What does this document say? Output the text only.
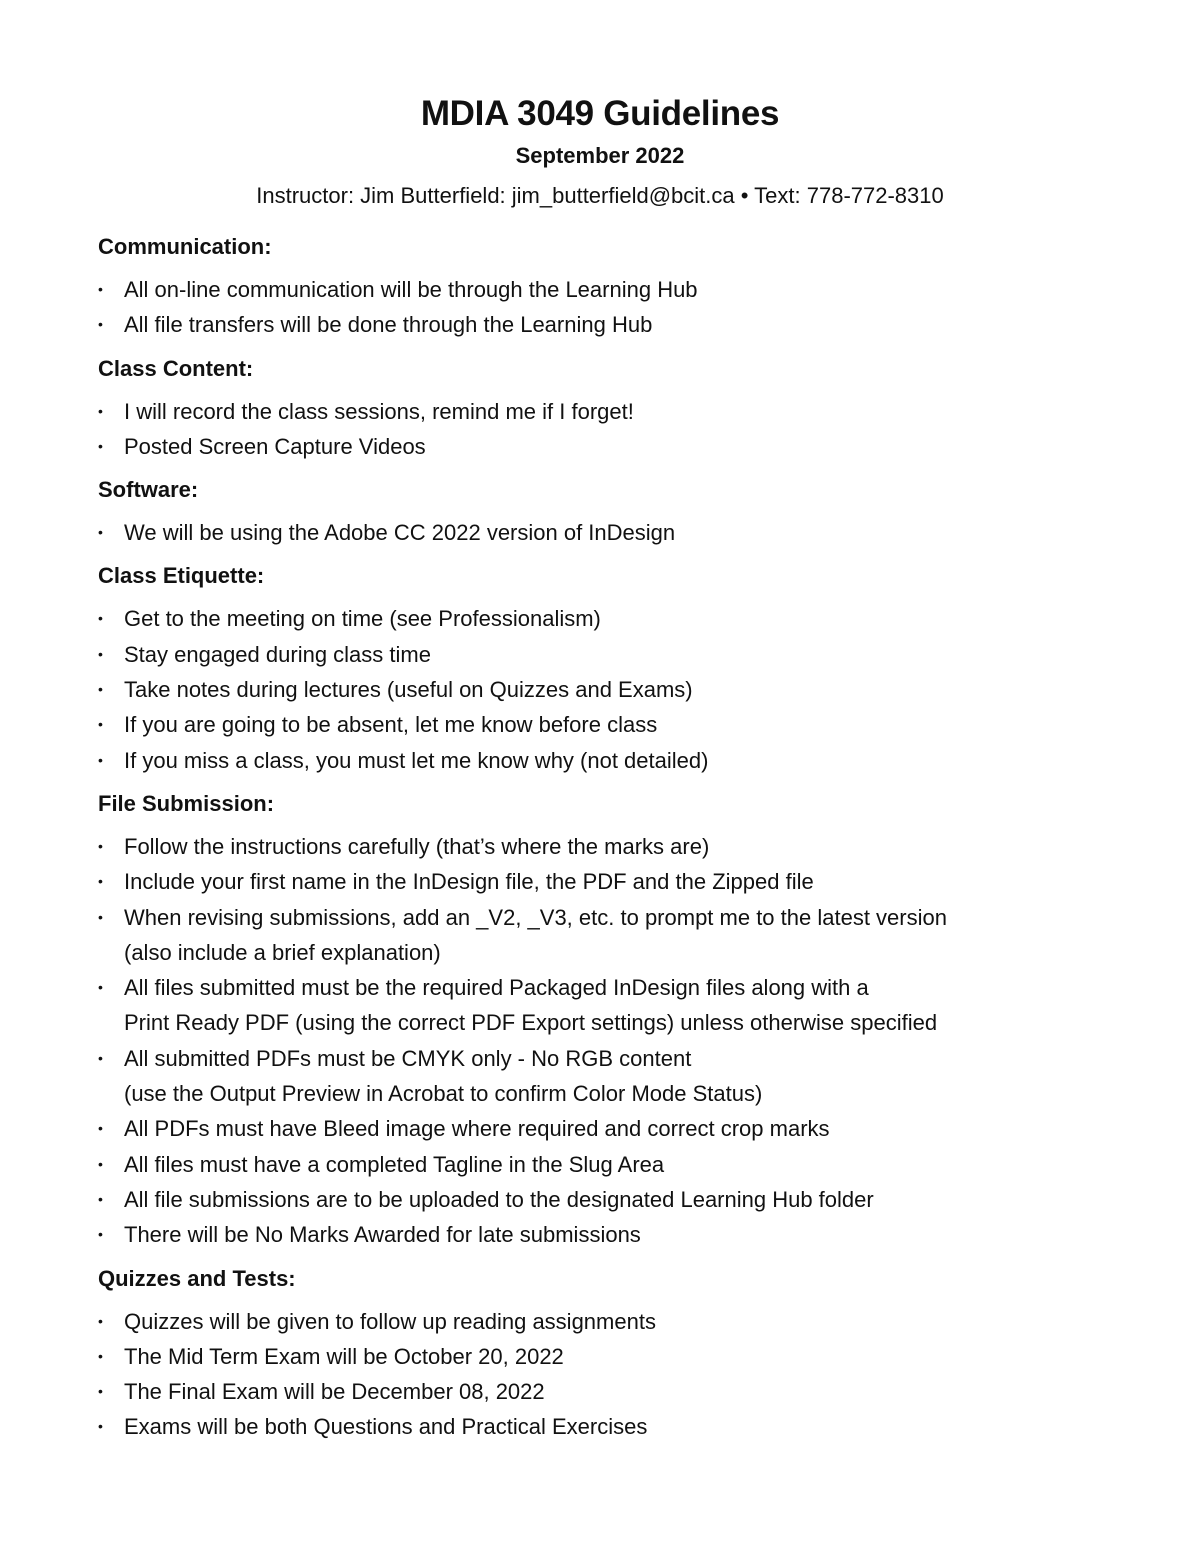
MDIA 3049 Guidelines
September 2022
Instructor: Jim Butterfield: jim_butterfield@bcit.ca • Text: 778-772-8310
Communication:
• All on-line communication will be through the Learning Hub
• All file transfers will be done through the Learning Hub
Class Content:
• I will record the class sessions, remind me if I forget!
• Posted Screen Capture Videos
Software:
• We will be using the Adobe CC 2022 version of InDesign
Class Etiquette:
• Get to the meeting on time (see Professionalism)
• Stay engaged during class time
• Take notes during lectures (useful on Quizzes and Exams)
• If you are going to be absent, let me know before class
• If you miss a class, you must let me know why (not detailed)
File Submission:
• Follow the instructions carefully (that’s where the marks are)
• Include your first name in the InDesign file, the PDF and the Zipped file
• When revising submissions, add an _V2, _V3, etc. to prompt me to the latest version
(also include a brief explanation)
• All files submitted must be the required Packaged InDesign files along with a
Print Ready PDF (using the correct PDF Export settings) unless otherwise specified
• All submitted PDFs must be CMYK only - No RGB content
(use the Output Preview in Acrobat to confirm Color Mode Status)
• All PDFs must have Bleed image where required and correct crop marks
• All files must have a completed Tagline in the Slug Area
• All file submissions are to be uploaded to the designated Learning Hub folder
• There will be No Marks Awarded for late submissions
Quizzes and Tests:
• Quizzes will be given to follow up reading assignments
• The Mid Term Exam will be October 20, 2022
• The Final Exam will be December 08, 2022
• Exams will be both Questions and Practical Exercises
